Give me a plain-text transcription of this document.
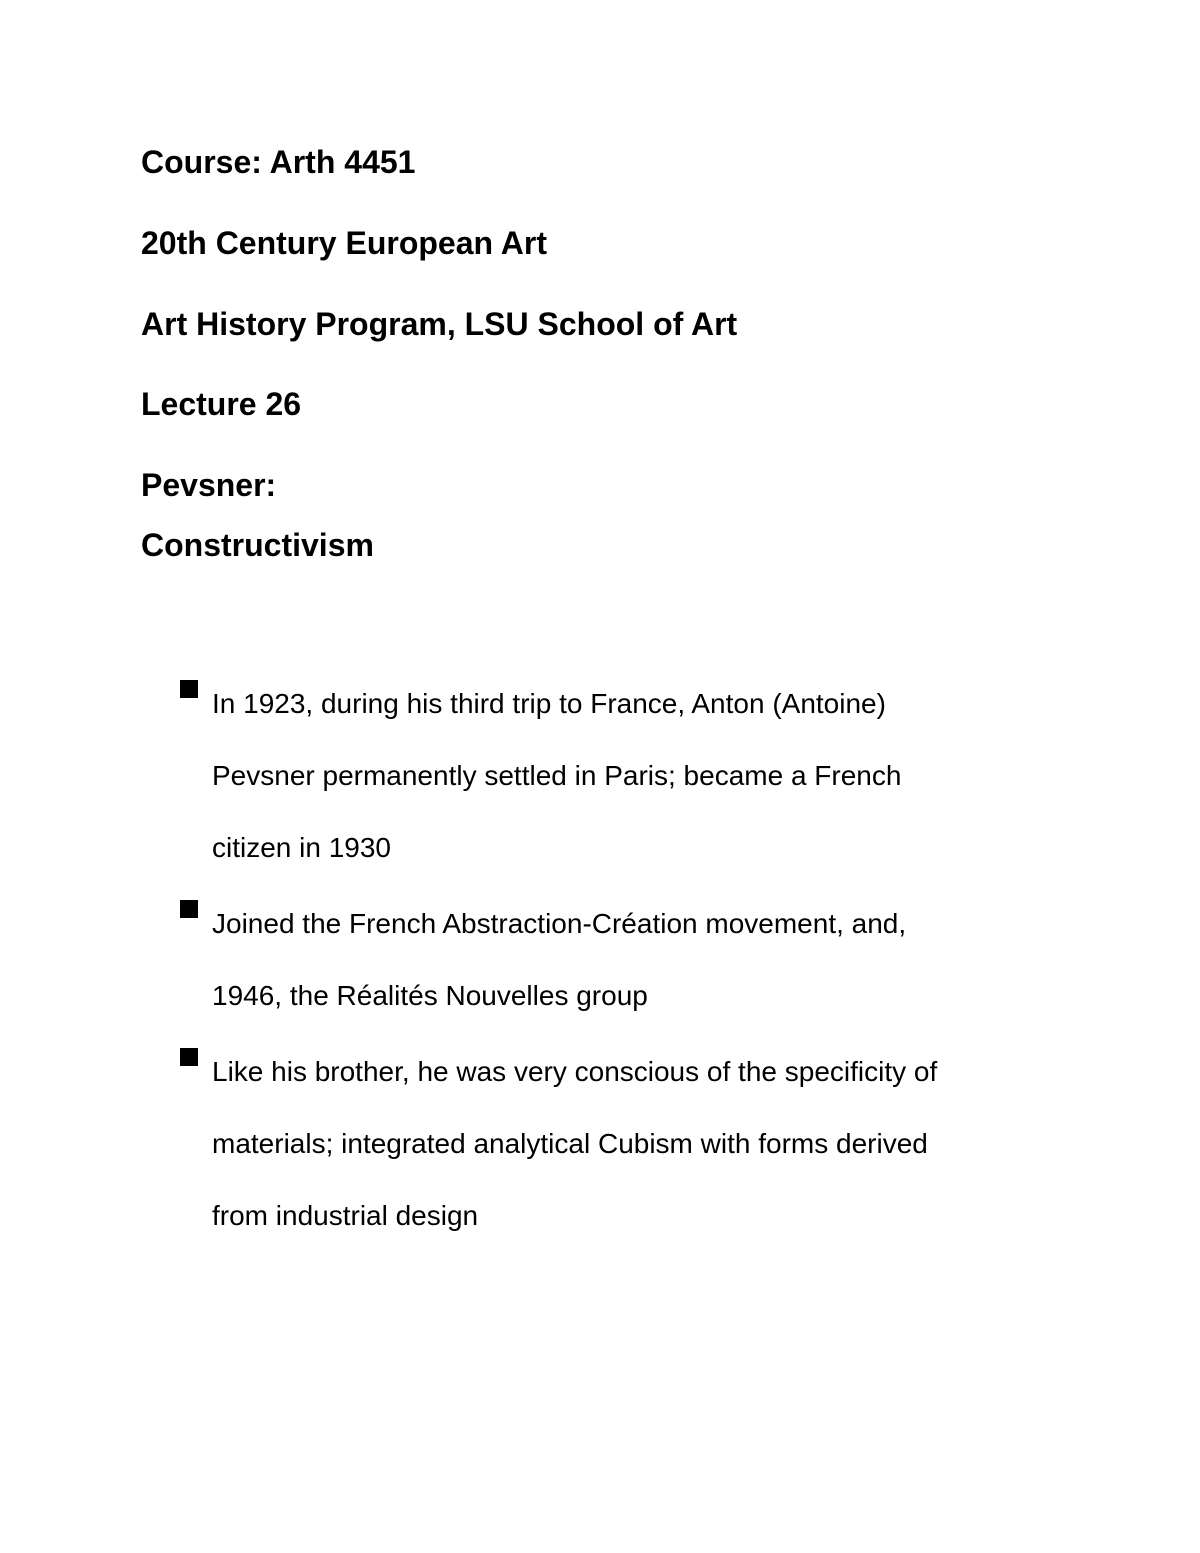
Course: Arth 4451
20th Century European Art
Art History Program, LSU School of Art
Lecture 26
Pevsner:
Constructivism
In 1923, during his third trip to France, Anton (Antoine)
Pevsner permanently settled in Paris; became a French
citizen in 1930
Joined the French Abstraction-Création movement, and,
1946, the Réalités Nouvelles group
Like his brother, he was very conscious of the specificity of
materials; integrated analytical Cubism with forms derived
from industrial design
